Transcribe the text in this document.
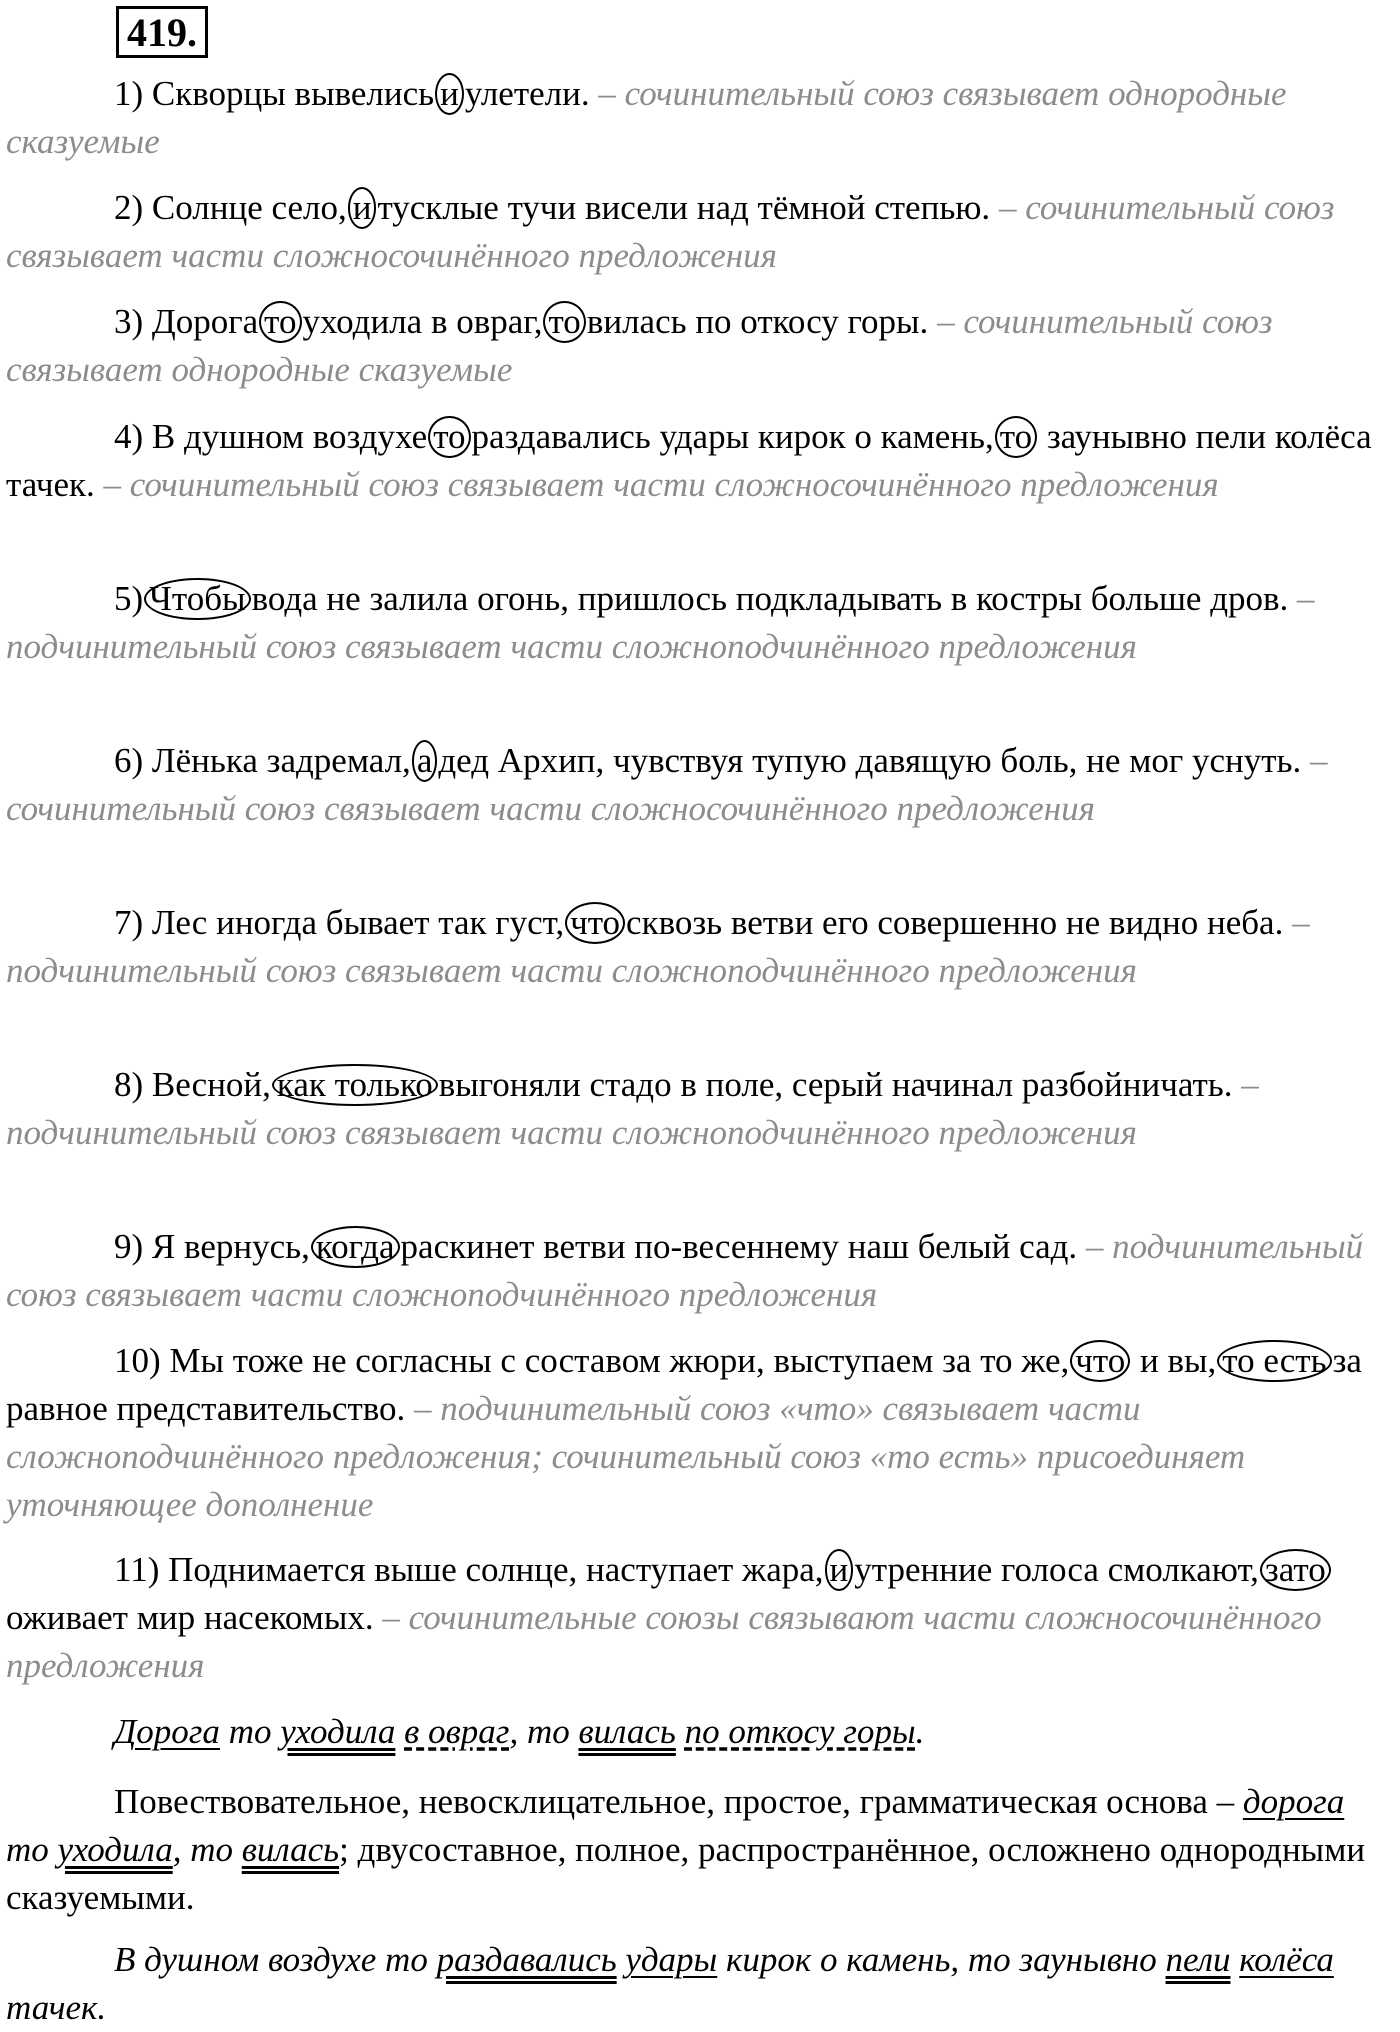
419.
1) Скворцы вывелись и улетели. – сочинительный союз связывает однородные сказуемые
2) Солнце село, и тусклые тучи висели над тёмной степью. – сочинительный союз связывает части сложносочинённого предложения
3) Дорога то уходила в овраг, то вилась по откосу горы. – сочинительный союз связывает однородные сказуемые
4) В душном воздухе то раздавались удары кирок о камень, то заунывно пели колёса тачек. – сочинительный союз связывает части сложносочинённого предложения
5) Чтобы вода не залила огонь, пришлось подкладывать в костры больше дров. – подчинительный союз связывает части сложноподчинённого предложения
6) Лёнька задремал, а дед Архип, чувствуя тупую давящую боль, не мог уснуть. – сочинительный союз связывает части сложносочинённого предложения
7) Лес иногда бывает так густ, что сквозь ветви его совершенно не видно неба. – подчинительный союз связывает части сложноподчинённого предложения
8) Весной, как только выгоняли стадо в поле, серый начинал разбойничать. – подчинительный союз связывает части сложноподчинённого предложения
9) Я вернусь, когда раскинет ветви по-весеннему наш белый сад. – подчинительный союз связывает части сложноподчинённого предложения
10) Мы тоже не согласны с составом жюри, выступаем за то же, что и вы, то есть за равное представительство. – подчинительный союз «что» связывает части сложноподчинённого предложения; сочинительный союз «то есть» присоединяет уточняющее дополнение
11) Поднимается выше солнце, наступает жара, и утренние голоса смолкают, затооживает мир насекомых. – сочинительные союзы связывают части сложносочинённого предложения
Дорога то уходила в овраг, то вилась по откосу горы.
Повествовательное, невосклицательное, простое, грамматическая основа – дорога то уходила, то вилась; двусоставное, полное, распространённое, осложнено однородными сказуемыми.
В душном воздухе то раздавались удары кирок о камень, то заунывно пели колёса тачек.
